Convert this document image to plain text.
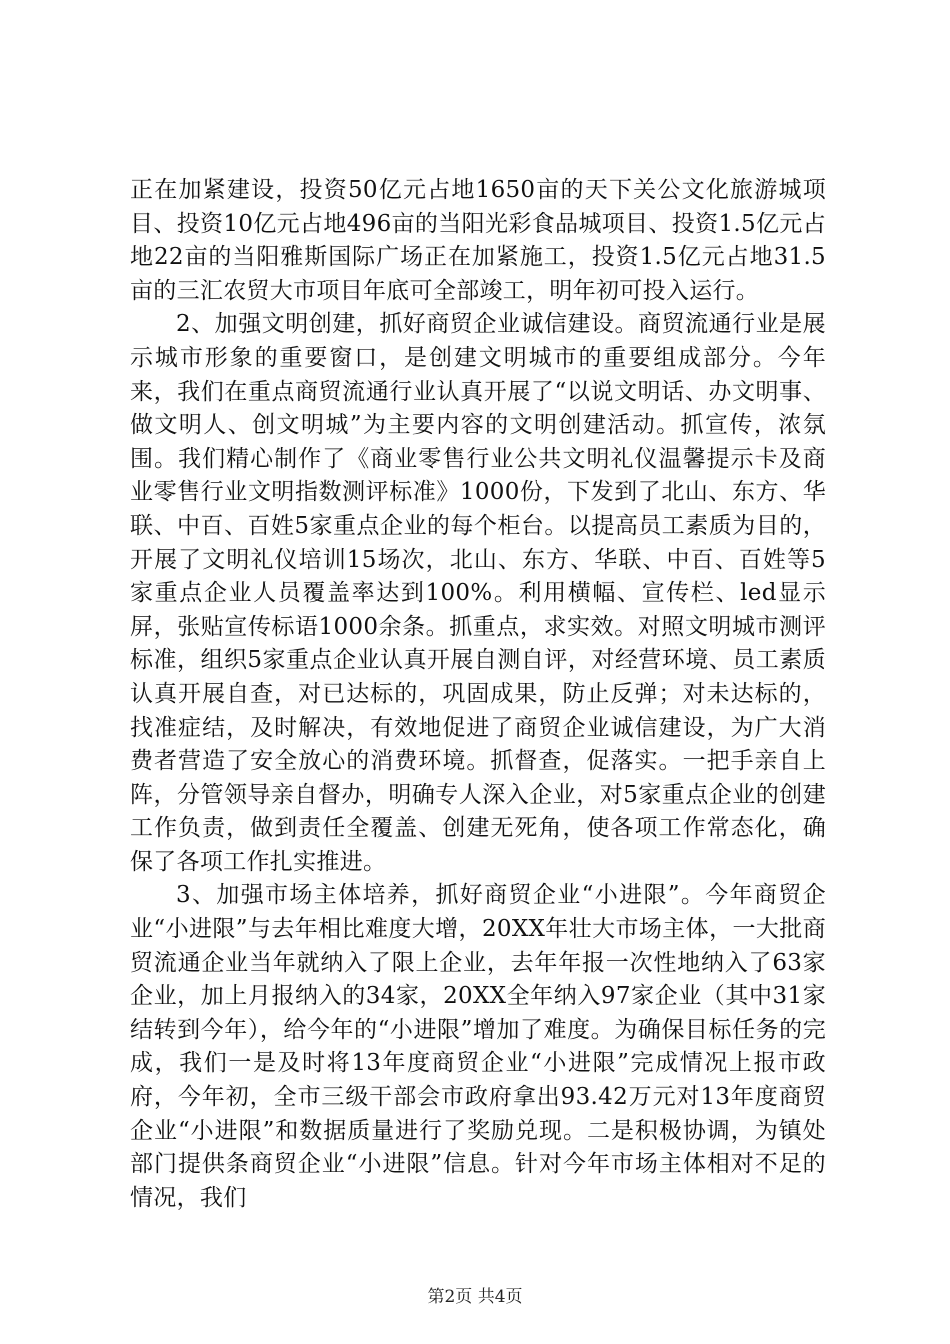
正在加紧建设，投资50亿元占地1650亩的天下关公文化旅游城项目、投资10亿元占地496亩的当阳光彩食品城项目、投资1.5亿元占地22亩的当阳雅斯国际广场正在加紧施工，投资1.5亿元占地31.5亩的三汇农贸大市项目年底可全部竣工，明年初可投入运行。

2、加强文明创建，抓好商贸企业诚信建设。商贸流通行业是展示城市形象的重要窗口，是创建文明城市的重要组成部分。今年来，我们在重点商贸流通行业认真开展了“以说文明话、办文明事、做文明人、创文明城”为主要内容的文明创建活动。抓宣传，浓氛围。我们精心制作了《商业零售行业公共文明礼仪温馨提示卡及商业零售行业文明指数测评标准》1000份，下发到了北山、东方、华联、中百、百姓5家重点企业的每个柜台。以提高员工素质为目的，开展了文明礼仪培训15场次，北山、东方、华联、中百、百姓等5家重点企业人员覆盖率达到100%。利用横幅、宣传栏、led显示屏，张贴宣传标语1000余条。抓重点，求实效。对照文明城市测评标准，组织5家重点企业认真开展自测自评，对经营环境、员工素质认真开展自查，对已达标的，巩固成果，防止反弹；对未达标的，找准症结，及时解决，有效地促进了商贸企业诚信建设，为广大消费者营造了安全放心的消费环境。抓督查，促落实。一把手亲自上阵，分管领导亲自督办，明确专人深入企业，对5家重点企业的创建工作负责，做到责任全覆盖、创建无死角，使各项工作常态化，确保了各项工作扎实推进。

3、加强市场主体培养，抓好商贸企业“小进限”。今年商贸企业“小进限”与去年相比难度大增，20XX年壮大市场主体，一大批商贸流通企业当年就纳入了限上企业，去年年报一次性地纳入了63家企业，加上月报纳入的34家，20XX全年纳入97家企业（其中31家结转到今年），给今年的“小进限”增加了难度。为确保目标任务的完成，我们一是及时将13年度商贸企业“小进限”完成情况上报市政府，今年初，全市三级干部会市政府拿出93.42万元对13年度商贸企业“小进限”和数据质量进行了奖励兑现。二是积极协调，为镇处部门提供条商贸企业“小进限”信息。针对今年市场主体相对不足的情况，我们

第2页 共4页
